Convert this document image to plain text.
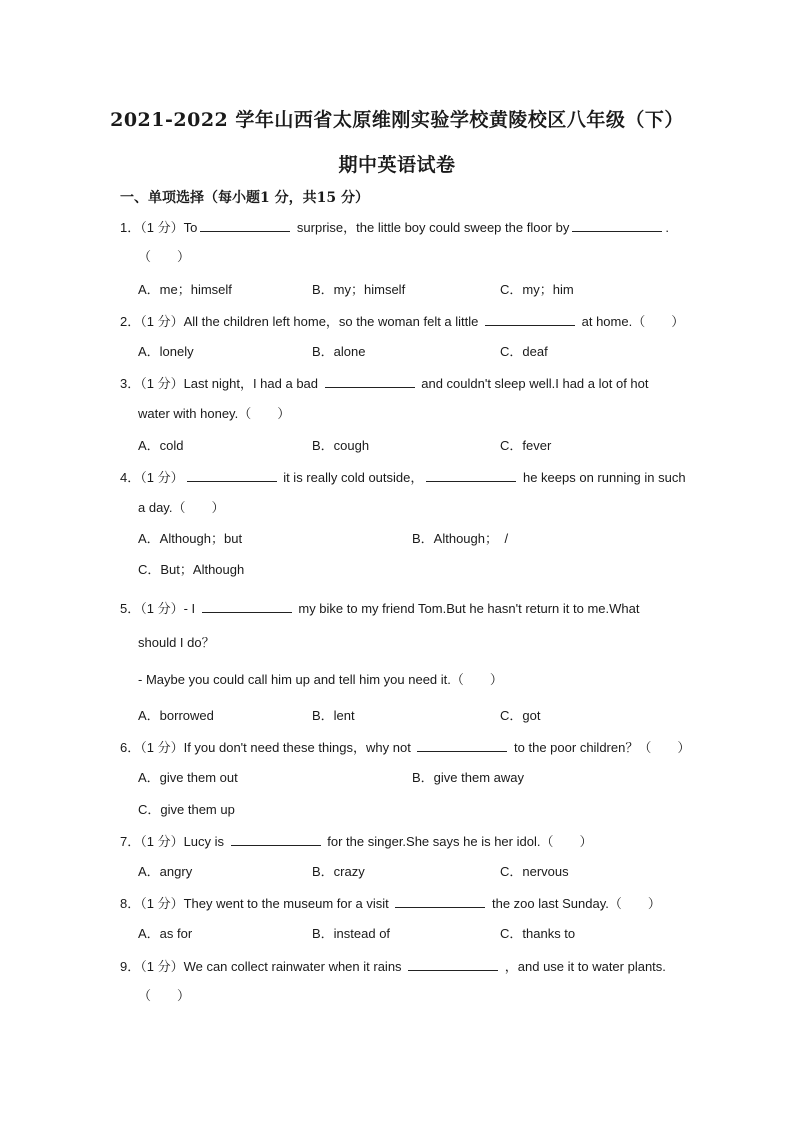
2021-2022 学年山西省太原维刚实验学校黄陵校区八年级（下）
期中英语试卷
一、单项选择（每小题1 分，共15 分）
1．（1 分）To	surprise，the little boy could sweep the floor by	.
（　　）
A．me；himself	B．my；himself	C．my；him
2．（1 分）All the children left home，so the woman felt a little	at home.（　　）
A．lonely	B．alone	C．deaf
3．（1 分）Last night，I had a bad	and couldn't sleep well.I had a lot of hot
water with honey.（　　）
A．cold	B．cough	C．fever
4．（1 分）	it is really cold outside，	he keeps on running in such
a day.（　　）
A．Although；but	B．Although；　/
C．But；Although
5．（1 分）- I	my bike to my friend Tom.But he hasn't return it to me.What
should I do？
- Maybe you could call him up and tell him you need it.（　　）
A．borrowed	B．lent	C．got
6．（1 分）If you don't need these things，why not	to the poor children？（　　）
A．give them out	B．give them away
C．give them up
7．（1 分）Lucy is	for the singer.She says he is her idol.（　　）
A．angry	B．crazy	C．nervous
8．（1 分）They went to the museum for a visit	the zoo last Sunday.（　　）
A．as for	B．instead of	C．thanks to
9．（1 分）We can collect rainwater when it rains	，and use it to water plants.
（　　）
